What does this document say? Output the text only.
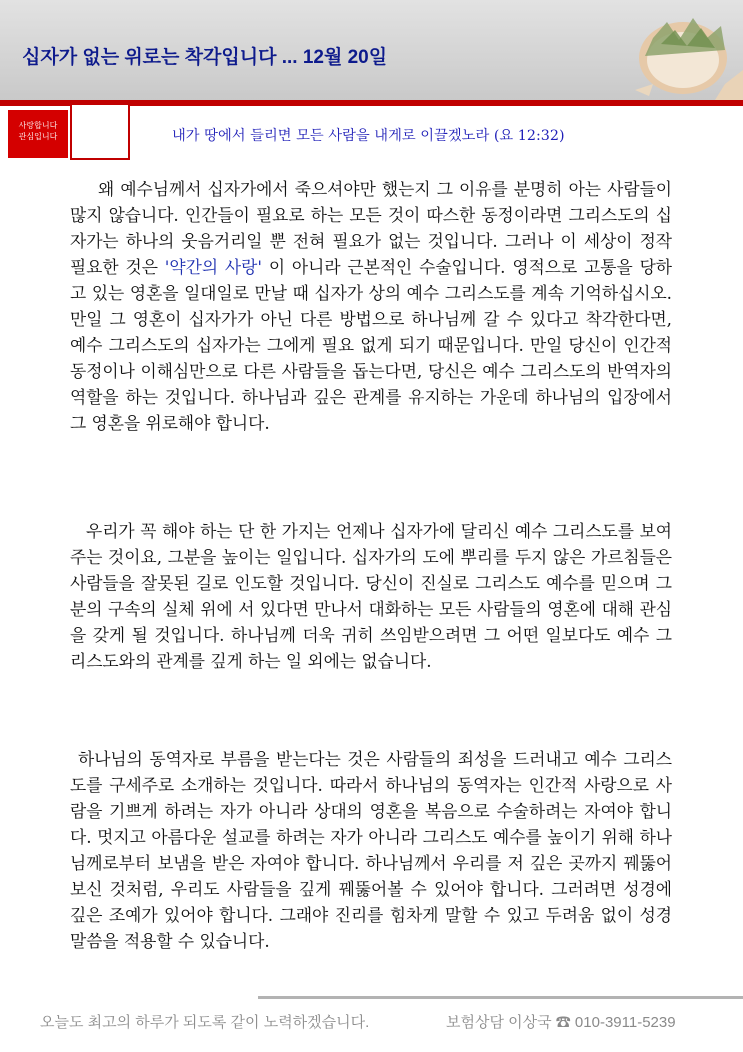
십자가 없는 위로는 착각입니다 ... 12월 20일
사랑합니다
관심입니다	내가 땅에서 들리면 모든 사람을 내게로 이끌겠노라 (요 12:32)

왜 예수님께서 십자가에서 죽으셔야만 했는지 그 이유를 분명히 아는 사람들이 많지 않습니다. 인간들이 필요로 하는 모든 것이 따스한 동정이라면 그리스도의 십자가는 하나의 웃음거리일 뿐 전혀 필요가 없는 것입니다. 그러나 이 세상이 정작 필요한 것은 '약간의 사랑' 이 아니라 근본적인 수술입니다. 영적으로 고통을 당하고 있는 영혼을 일대일로 만날 때 십자가 상의 예수 그리스도를 계속 기억하십시오. 만일 그 영혼이 십자가가 아닌 다른 방법으로 하나님께 갈 수 있다고 착각한다면, 예수 그리스도의 십자가는 그에게 필요 없게 되기 때문입니다. 만일 당신이 인간적 동정이나 이해심만으로 다른 사람들을 돕는다면, 당신은 예수 그리스도의 반역자의 역할을 하는 것입니다. 하나님과 깊은 관계를 유지하는 가운데 하나님의 입장에서 그 영혼을 위로해야 합니다.

우리가 꼭 해야 하는 단 한 가지는 언제나 십자가에 달리신 예수 그리스도를 보여주는 것이요, 그분을 높이는 일입니다. 십자가의 도에 뿌리를 두지 않은 가르침들은 사람들을 잘못된 길로 인도할 것입니다. 당신이 진실로 그리스도 예수를 믿으며 그분의 구속의 실체 위에 서 있다면 만나서 대화하는 모든 사람들의 영혼에 대해 관심을 갖게 될 것입니다. 하나님께 더욱 귀히 쓰임받으려면 그 어떤 일보다도 예수 그리스도와의 관계를 깊게 하는 일 외에는 없습니다.

하나님의 동역자로 부름을 받는다는 것은 사람들의 죄성을 드러내고 예수 그리스도를 구세주로 소개하는 것입니다. 따라서 하나님의 동역자는 인간적 사랑으로 사람을 기쁘게 하려는 자가 아니라 상대의 영혼을 복음으로 수술하려는 자여야 합니다. 멋지고 아름다운 설교를 하려는 자가 아니라 그리스도 예수를 높이기 위해 하나님께로부터 보냄을 받은 자여야 합니다. 하나님께서 우리를 저 깊은 곳까지 꿰뚫어 보신 것처럼, 우리도 사람들을 깊게 꿰뚫어볼 수 있어야 합니다. 그러려면 성경에 깊은 조예가 있어야 합니다. 그래야 진리를 힘차게 말할 수 있고 두려움 없이 성경 말씀을 적용할 수 있습니다.

오늘도 최고의 하루가 되도록 같이 노력하겠습니다.	보험상담 이상국 ☎ 010-3911-5239
